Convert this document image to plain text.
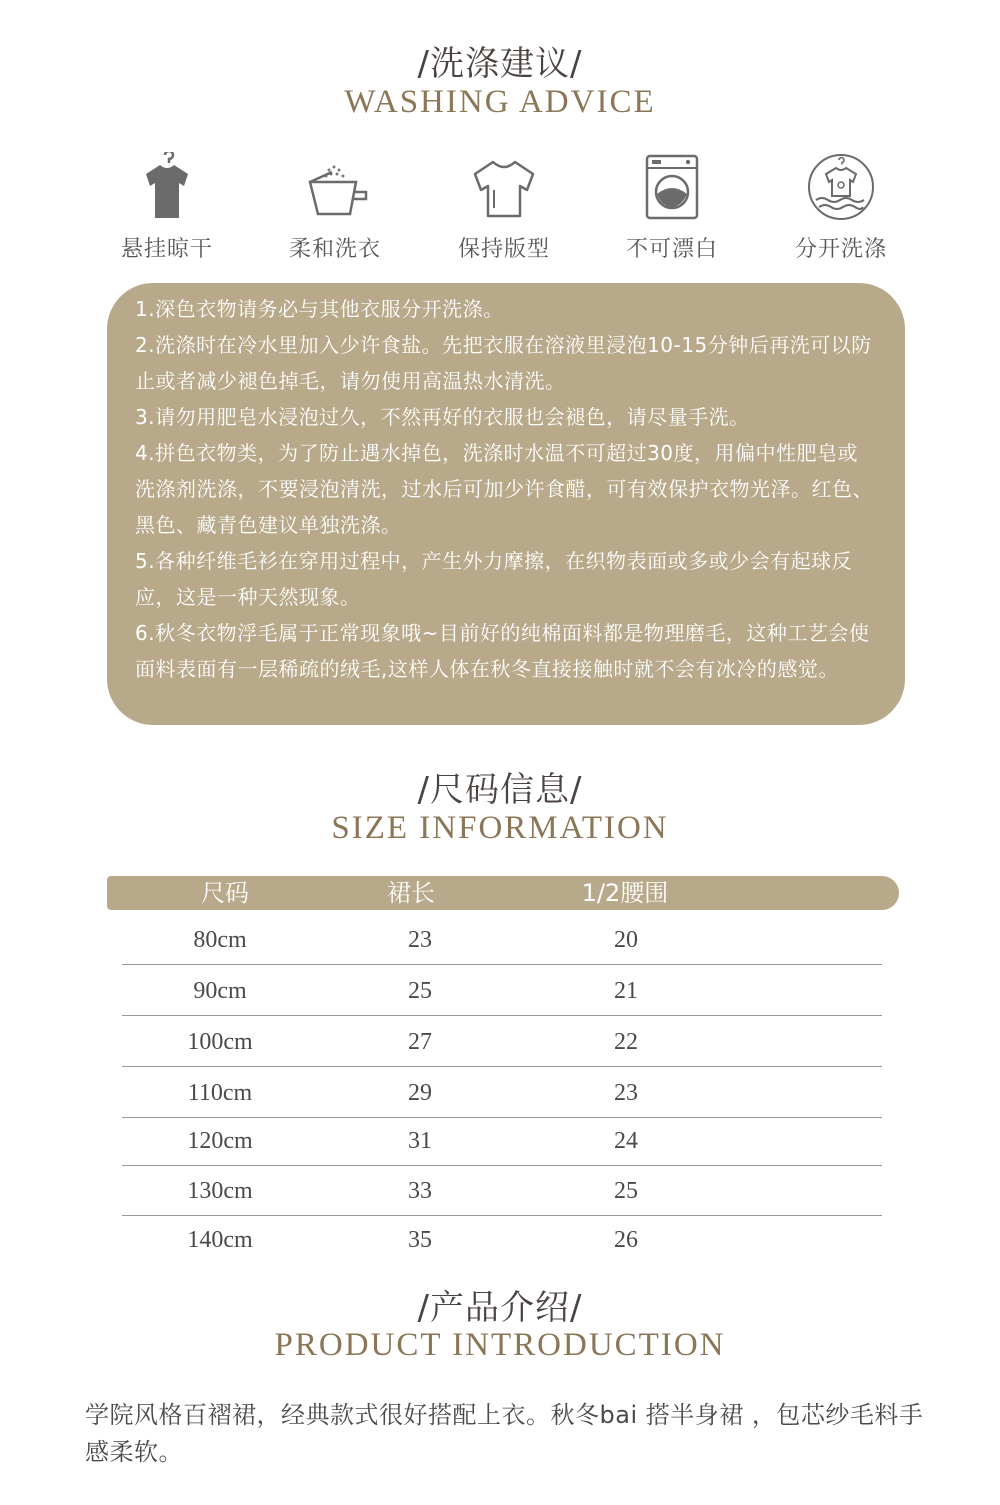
/洗涤建议/
WASHING ADVICE
悬挂晾干	柔和洗衣	保持版型	不可漂白	分开洗涤

1.深色衣物请务必与其他衣服分开洗涤。

2.洗涤时在冷水里加入少许食盐。先把衣服在溶液里浸泡10-15分钟后再洗可以防止或者减少褪色掉毛，请勿使用高温热水清洗。

3.请勿用肥皂水浸泡过久，不然再好的衣服也会褪色，请尽量手洗。

4.拼色衣物类，为了防止遇水掉色，洗涤时水温不可超过30度，用偏中性肥皂或洗涤剂洗涤，不要浸泡清洗，过水后可加少许食醋，可有效保护衣物光泽。红色、黑色、藏青色建议单独洗涤。

5.各种纤维毛衫在穿用过程中，产生外力摩擦，在织物表面或多或少会有起球反应，这是一种天然现象。

6.秋冬衣物浮毛属于正常现象哦~目前好的纯棉面料都是物理磨毛，这种工艺会使面料表面有一层稀疏的绒毛,这样人体在秋冬直接接触时就不会有冰冷的感觉。

/尺码信息/
SIZE INFORMATION
尺码	裙长	1/2腰围
80cm	23	20
90cm	25	21
100cm	27	22
110cm	29	23
120cm	31	24
130cm	33	25
140cm	35	26
/产品介绍/
PRODUCT INTRODUCTION

学院风格百褶裙，经典款式很好搭配上衣。秋冬bai 搭半身裙 ，包芯纱毛料手感柔软。
